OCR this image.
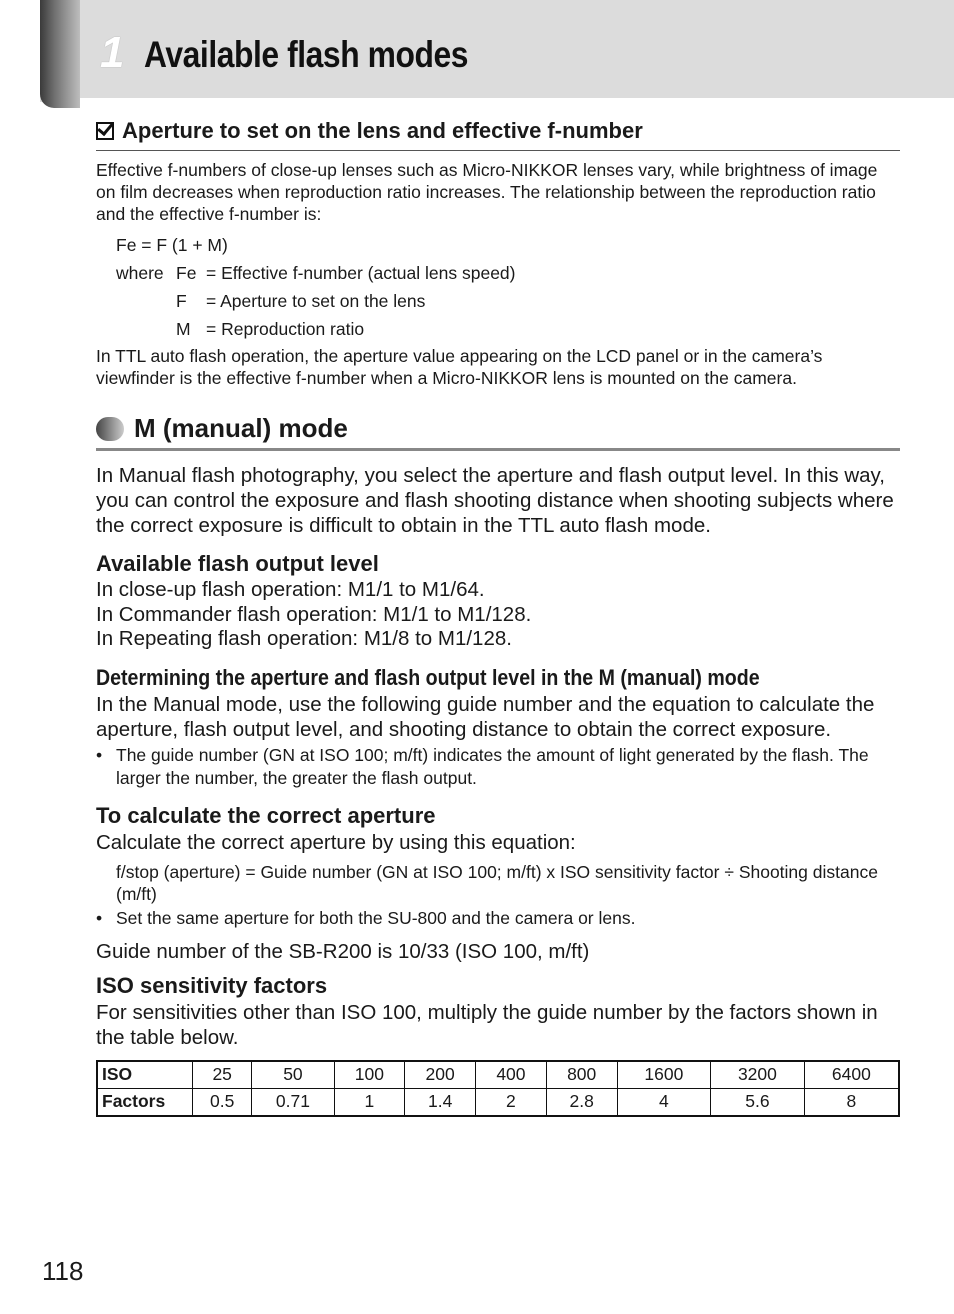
1 Available flash modes
Aperture to set on the lens and effective f-number
Effective f-numbers of close-up lenses such as Micro-NIKKOR lenses vary, while brightness of image on film decreases when reproduction ratio increases. The relationship between the reproduction ratio and the effective f-number is:
Fe = F (1 + M)
where Fe = Effective f-number (actual lens speed)
F	= Aperture to set on the lens
M = Reproduction ratio
In TTL auto flash operation, the aperture value appearing on the LCD panel or in the camera’s viewfinder is the effective f-number when a Micro-NIKKOR lens is mounted on the camera.
M (manual) mode
In Manual flash photography, you select the aperture and flash output level. In this way, you can control the exposure and flash shooting distance when shooting subjects where the correct exposure is difficult to obtain in the TTL auto flash mode.
Available flash output level
In close-up flash operation: M1/1 to M1/64.
In Commander flash operation: M1/1 to M1/128.
In Repeating flash operation: M1/8 to M1/128.
Determining the aperture and flash output level in the M (manual) mode
In the Manual mode, use the following guide number and the equation to calculate the aperture, flash output level, and shooting distance to obtain the correct exposure.
• The guide number (GN at ISO 100; m/ft) indicates the amount of light generated by the flash. The larger the number, the greater the flash output.
To calculate the correct aperture
Calculate the correct aperture by using this equation:
f/stop (aperture) = Guide number (GN at ISO 100; m/ft) x ISO sensitivity factor ÷ Shooting distance (m/ft)
• Set the same aperture for both the SU-800 and the camera or lens.
Guide number of the SB-R200 is 10/33 (ISO 100, m/ft)
ISO sensitivity factors
For sensitivities other than ISO 100, multiply the guide number by the factors shown in the table below.
ISO	25	50	100	200	400	800	1600	3200	6400
Factors	0.5	0.71	1	1.4	2	2.8	4	5.6	8
118
